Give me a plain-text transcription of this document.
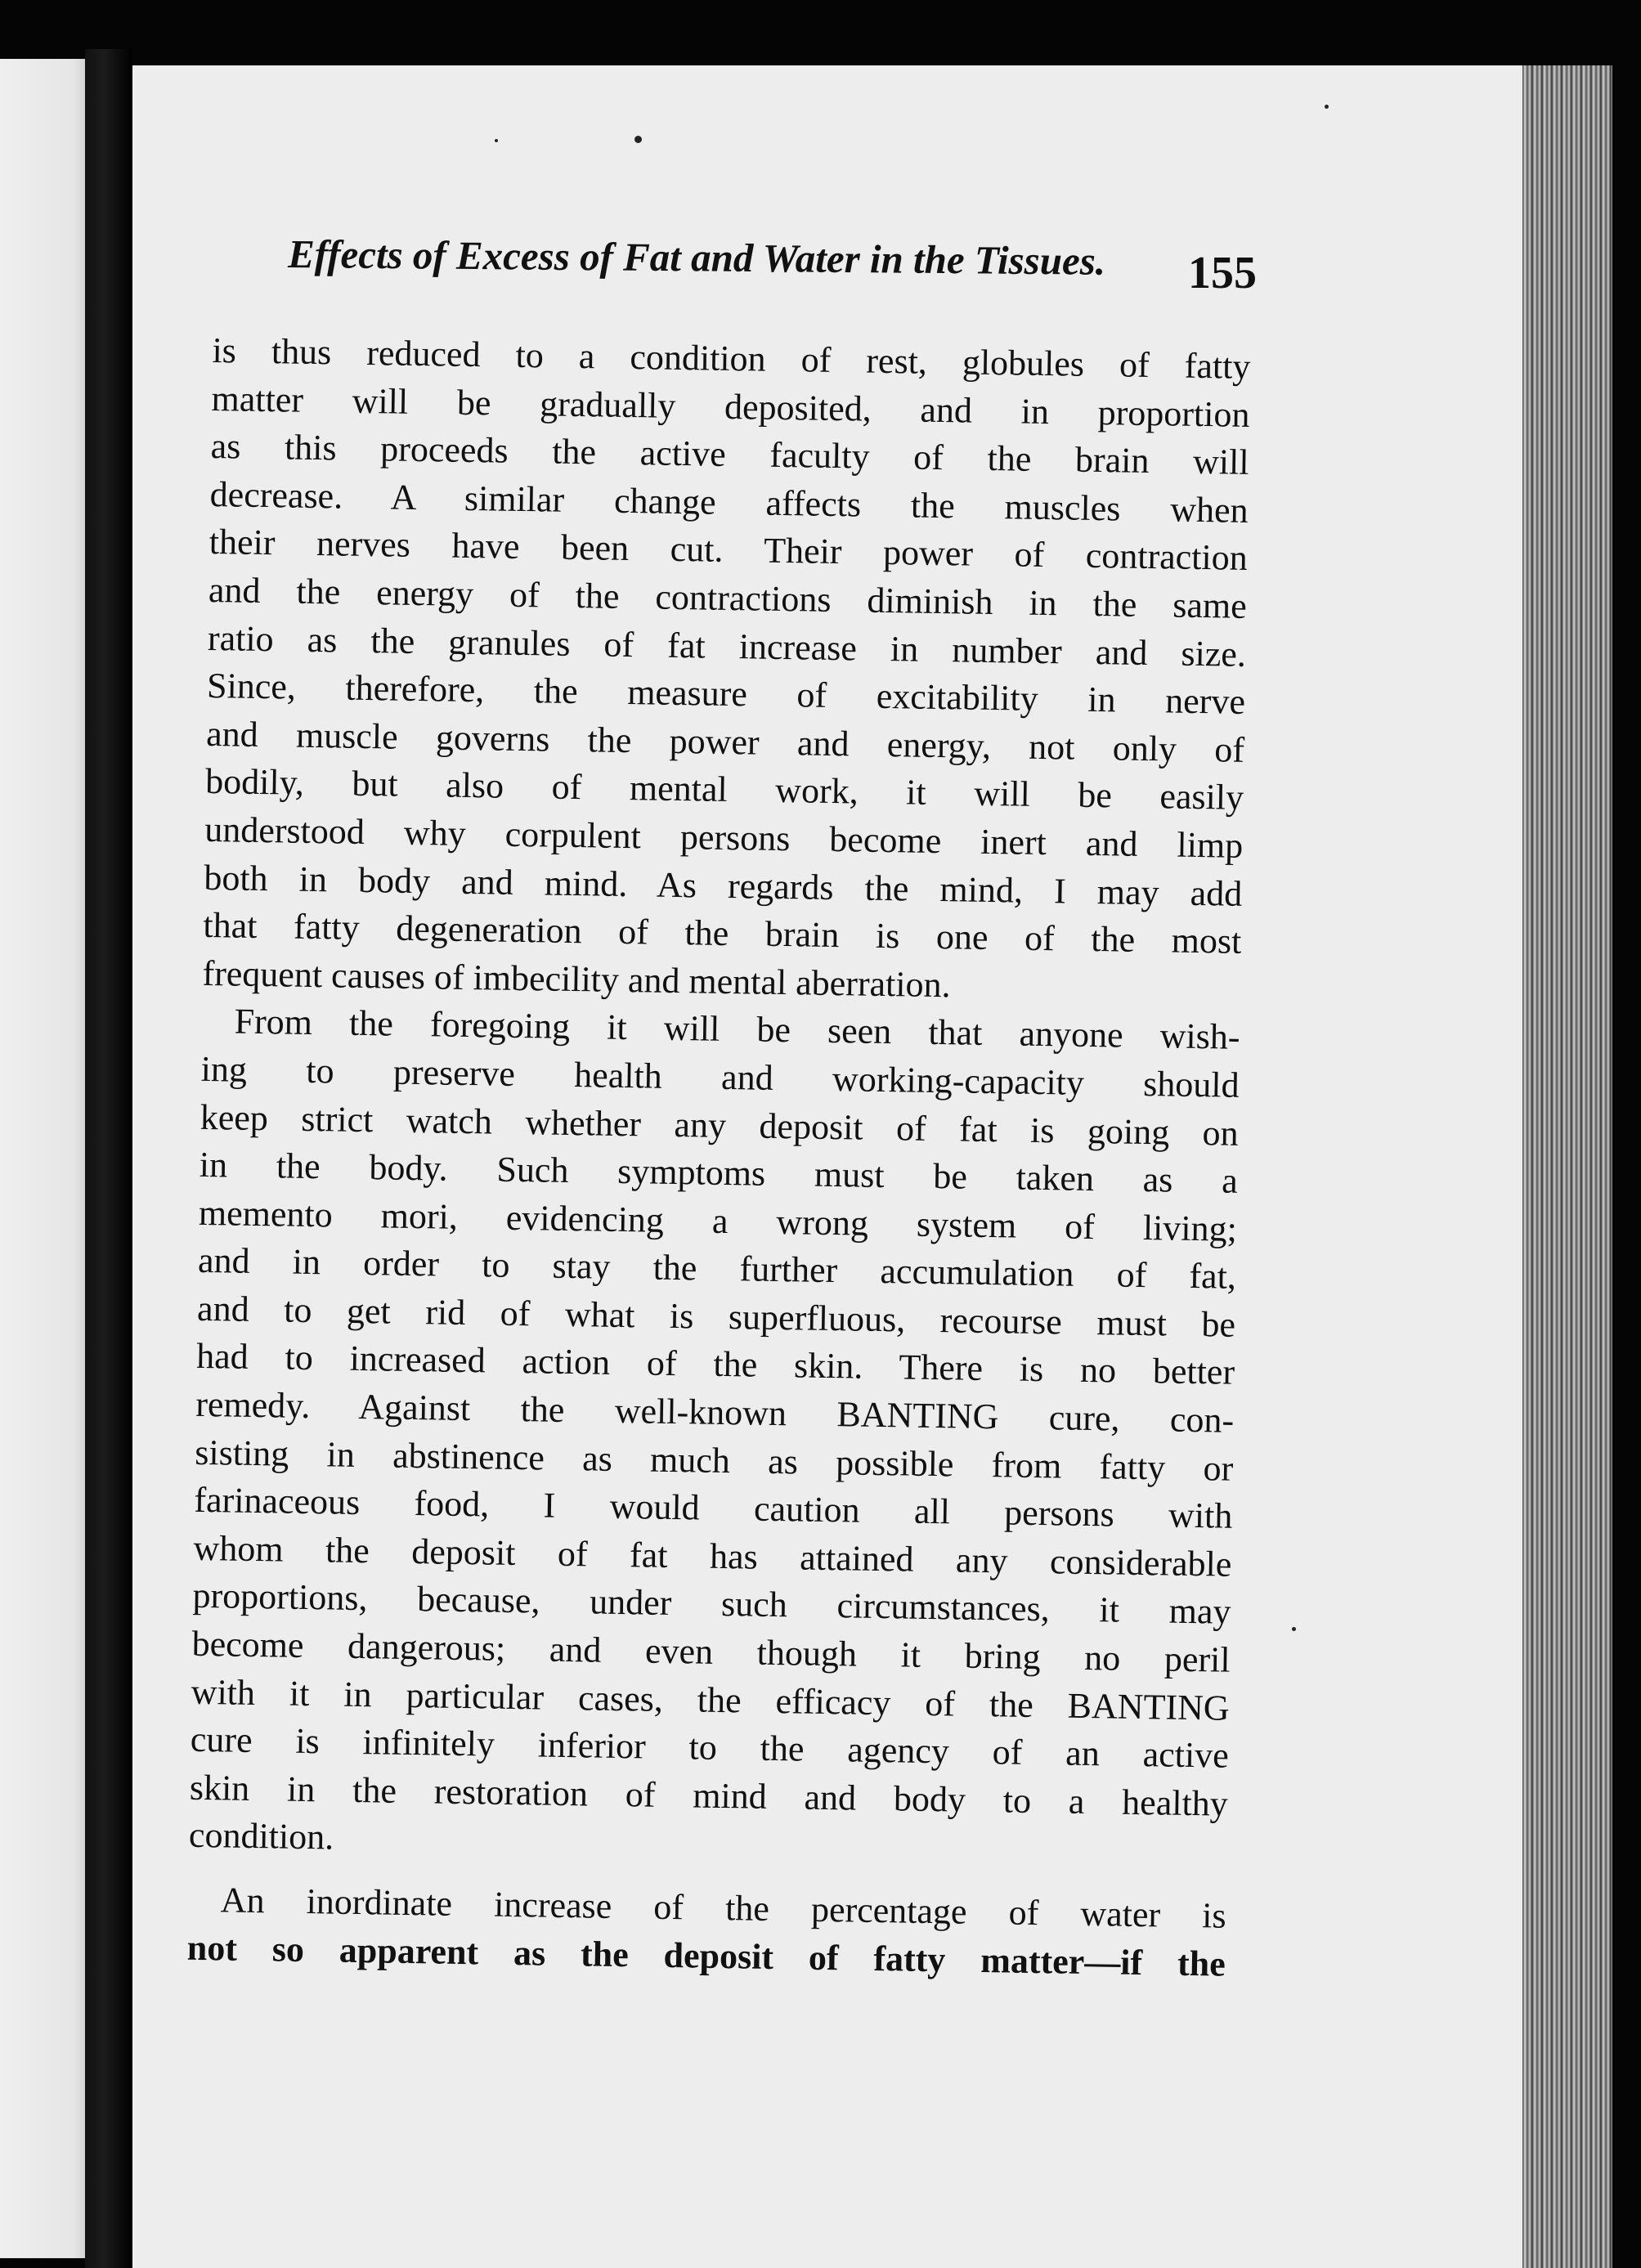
Effects of Excess of Fat and Water in the Tissues.	155
is thus reduced to a condition of rest, globules of fatty
matter will be gradually deposited, and in proportion
as this proceeds the active faculty of the brain will
decrease. A similar change affects the muscles when
their nerves have been cut. Their power of contraction
and the energy of the contractions diminish in the same
ratio as the granules of fat increase in number and size.
Since, therefore, the measure of excitability in nerve
and muscle governs the power and energy, not only of
bodily, but also of mental work, it will be easily
understood why corpulent persons become inert and limp
both in body and mind. As regards the mind, I may add
that fatty degeneration of the brain is one of the most
frequent causes of imbecility and mental aberration.
From the foregoing it will be seen that anyone wish-
ing to preserve health and working-capacity should
keep strict watch whether any deposit of fat is going on
in the body. Such symptoms must be taken as a
memento mori, evidencing a wrong system of living;
and in order to stay the further accumulation of fat,
and to get rid of what is superfluous, recourse must be
had to increased action of the skin. There is no better
remedy. Against the well-known BANTING cure, con-
sisting in abstinence as much as possible from fatty or
farinaceous food, I would caution all persons with
whom the deposit of fat has attained any considerable
proportions, because, under such circumstances, it may
become dangerous; and even though it bring no peril
with it in particular cases, the efficacy of the BANTING
cure is infinitely inferior to the agency of an active
skin in the restoration of mind and body to a healthy
condition.
An inordinate increase of the percentage of water is
not so apparent as the deposit of fatty matter—if the
